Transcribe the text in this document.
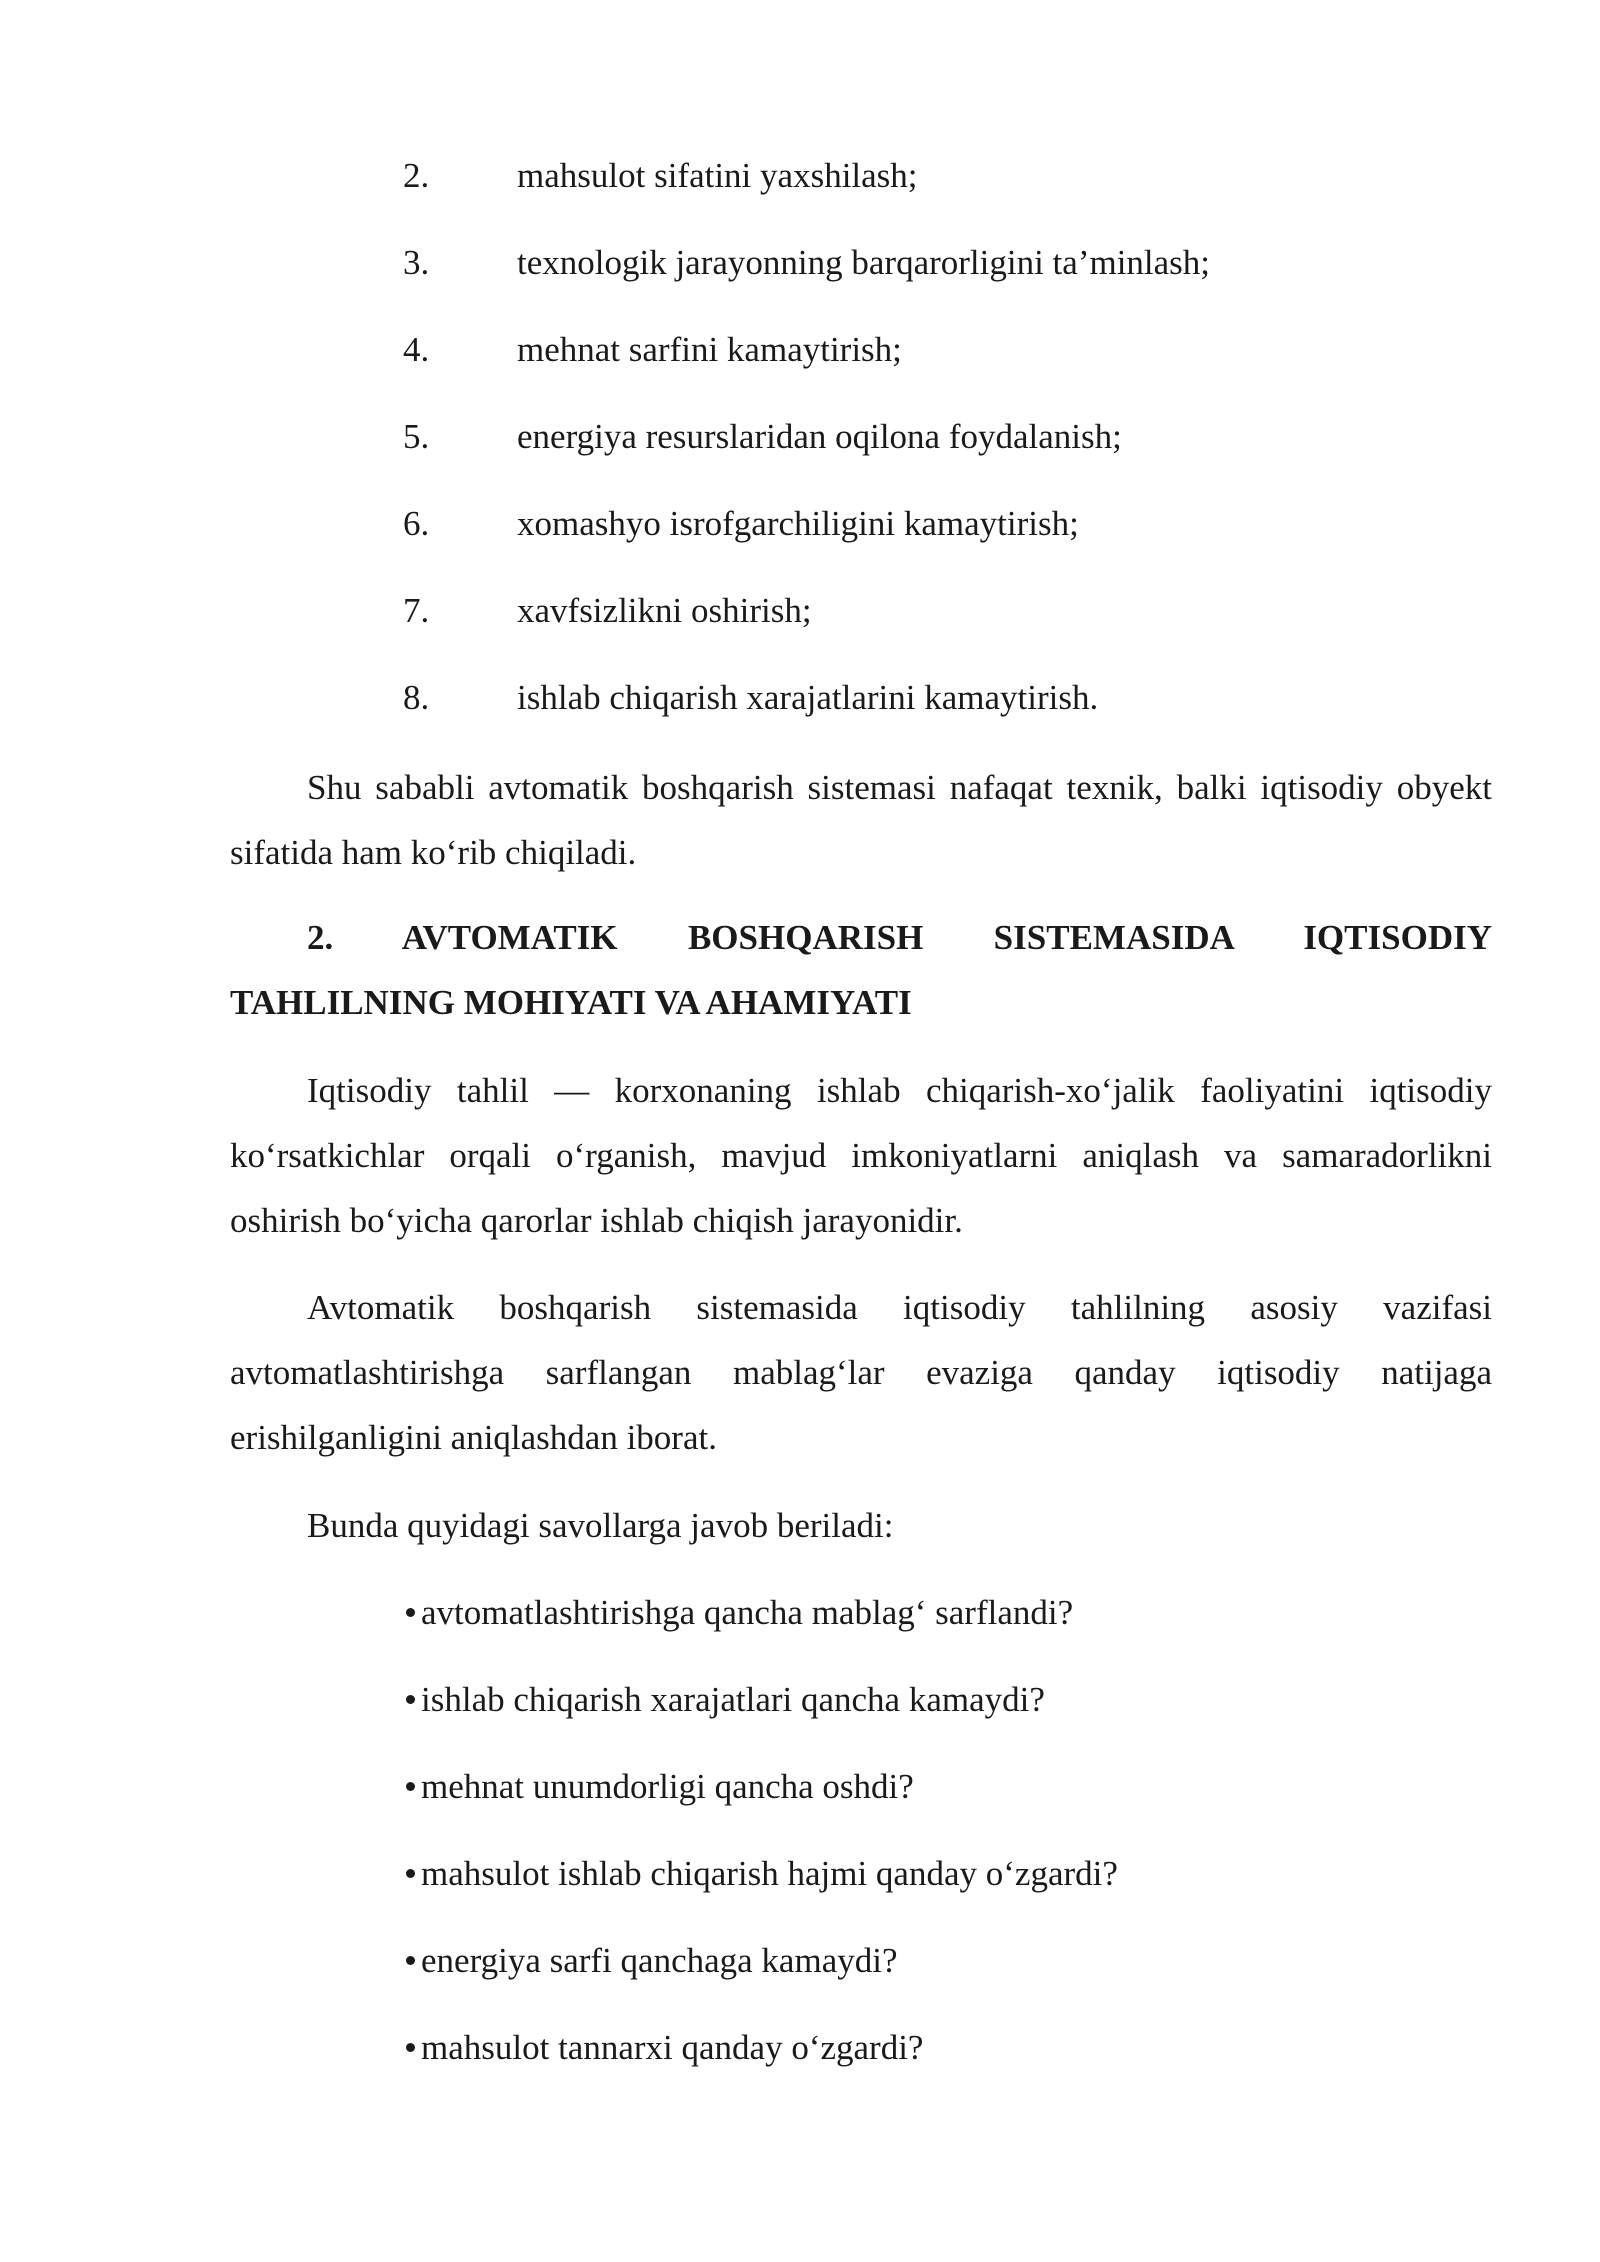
2.	mahsulot sifatini yaxshilash;
3.	texnologik jarayonning barqarorligini ta’minlash;
4.	mehnat sarfini kamaytirish;
5.	energiya resurslaridan oqilona foydalanish;
6.	xomashyo isrofgarchiligini kamaytirish;
7.	xavfsizlikni oshirish;
8.	ishlab chiqarish xarajatlarini kamaytirish.

Shu sababli avtomatik boshqarish sistemasi nafaqat texnik, balki iqtisodiy obyekt sifatida ham ko‘rib chiqiladi.

2. AVTOMATIK BOSHQARISH SISTEMASIDA IQTISODIY
TAHLILNING MOHIYATI VA AHAMIYATI

Iqtisodiy tahlil — korxonaning ishlab chiqarish-xo‘jalik faoliyatini iqtisodiy ko‘rsatkichlar orqali o‘rganish, mavjud imkoniyatlarni aniqlash va samaradorlikni oshirish bo‘yicha qarorlar ishlab chiqish jarayonidir.

Avtomatik boshqarish sistemasida iqtisodiy tahlilning asosiy vazifasi avtomatlashtirishga sarflangan mablag‘lar evaziga qanday iqtisodiy natijaga erishilganligini aniqlashdan iborat.

Bunda quyidagi savollarga javob beriladi:

avtomatlashtirishga qancha mablag‘ sarflandi?
ishlab chiqarish xarajatlari qancha kamaydi?
mehnat unumdorligi qancha oshdi?
mahsulot ishlab chiqarish hajmi qanday o‘zgardi?
energiya sarfi qanchaga kamaydi?
mahsulot tannarxi qanday o‘zgardi?
